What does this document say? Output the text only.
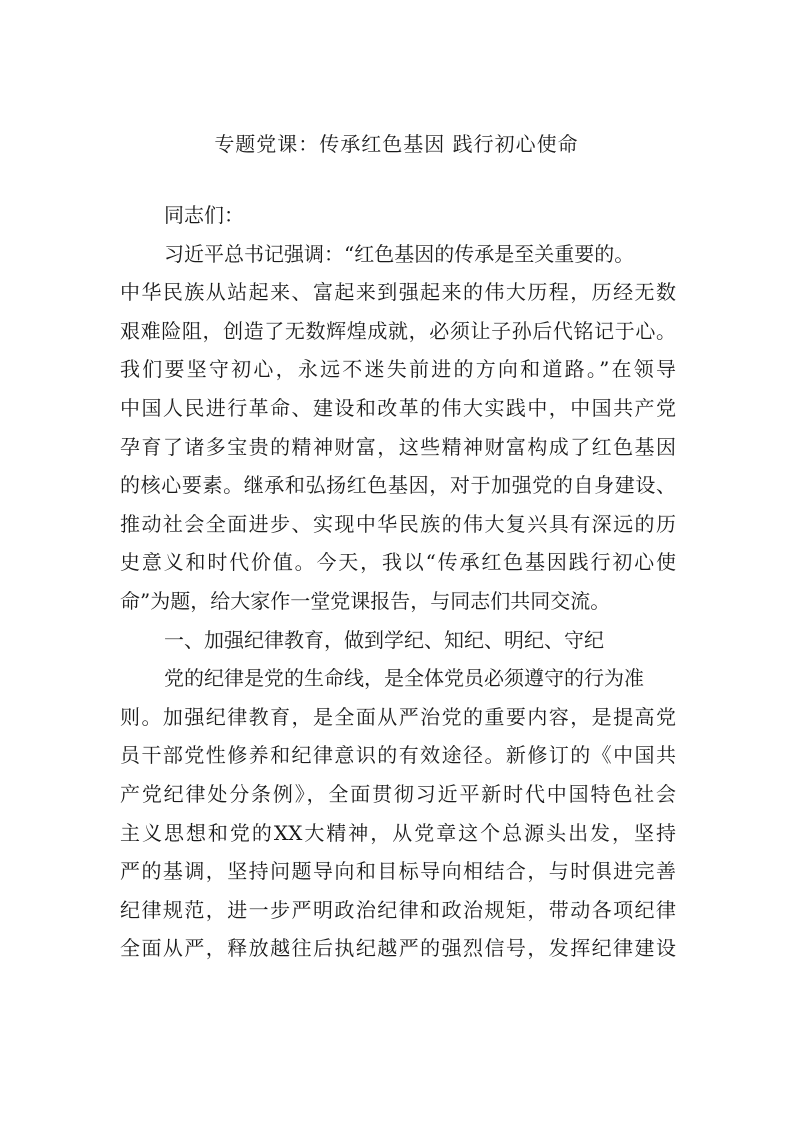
专题党课：传承红色基因 践行初心使命
同志们：
习近平总书记强调：“红色基因的传承是至关重要的。
中华民族从站起来、富起来到强起来的伟大历程，历经无数
艰难险阻，创造了无数辉煌成就，必须让子孙后代铭记于心。
我们要坚守初心，永远不迷失前进的方向和道路。”在领导
中国人民进行革命、建设和改革的伟大实践中，中国共产党
孕育了诸多宝贵的精神财富，这些精神财富构成了红色基因
的核心要素。继承和弘扬红色基因，对于加强党的自身建设、
推动社会全面进步、实现中华民族的伟大复兴具有深远的历
史意义和时代价值。今天，我以“传承红色基因践行初心使
命”为题，给大家作一堂党课报告，与同志们共同交流。
一、加强纪律教育，做到学纪、知纪、明纪、守纪
党的纪律是党的生命线，是全体党员必须遵守的行为准
则。加强纪律教育，是全面从严治党的重要内容，是提高党
员干部党性修养和纪律意识的有效途径。新修订的《中国共
产党纪律处分条例》，全面贯彻习近平新时代中国特色社会
主义思想和党的XX大精神，从党章这个总源头出发，坚持
严的基调，坚持问题导向和目标导向相结合，与时俱进完善
纪律规范，进一步严明政治纪律和政治规矩，带动各项纪律
全面从严，释放越往后执纪越严的强烈信号，发挥纪律建设
